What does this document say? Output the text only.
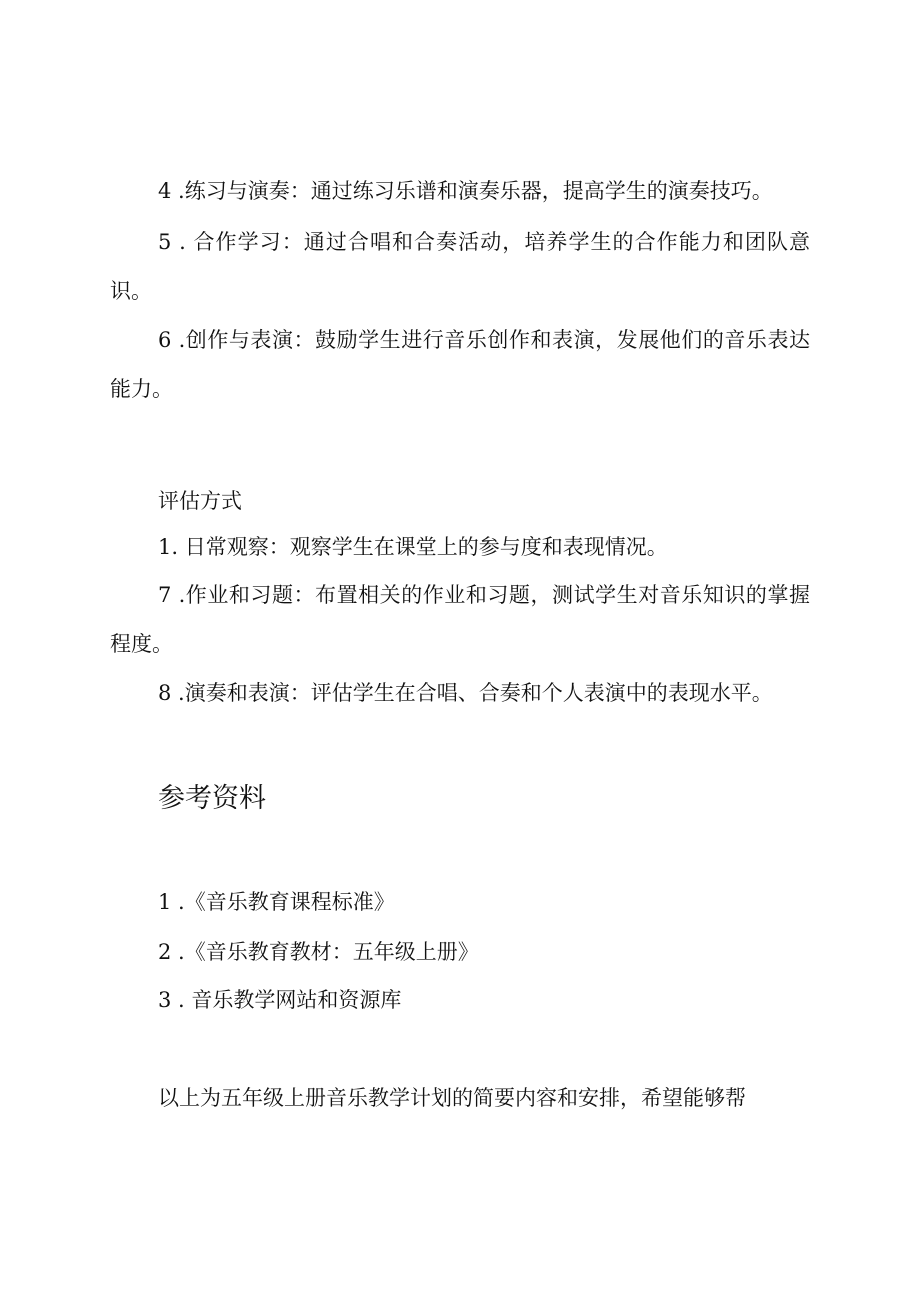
4 .练习与演奏：通过练习乐谱和演奏乐器，提高学生的演奏技巧。

5 . 合作学习：通过合唱和合奏活动，培养学生的合作能力和团队意识。

6 .创作与表演：鼓励学生进行音乐创作和表演，发展他们的音乐表达能力。

评估方式

1. 日常观察：观察学生在课堂上的参与度和表现情况。

7 .作业和习题：布置相关的作业和习题，测试学生对音乐知识的掌握程度。

8 .演奏和表演：评估学生在合唱、合奏和个人表演中的表现水平。

参考资料

1 .《音乐教育课程标准》

2 .《音乐教育教材：五年级上册》

3 . 音乐教学网站和资源库

以上为五年级上册音乐教学计划的简要内容和安排，希望能够帮
